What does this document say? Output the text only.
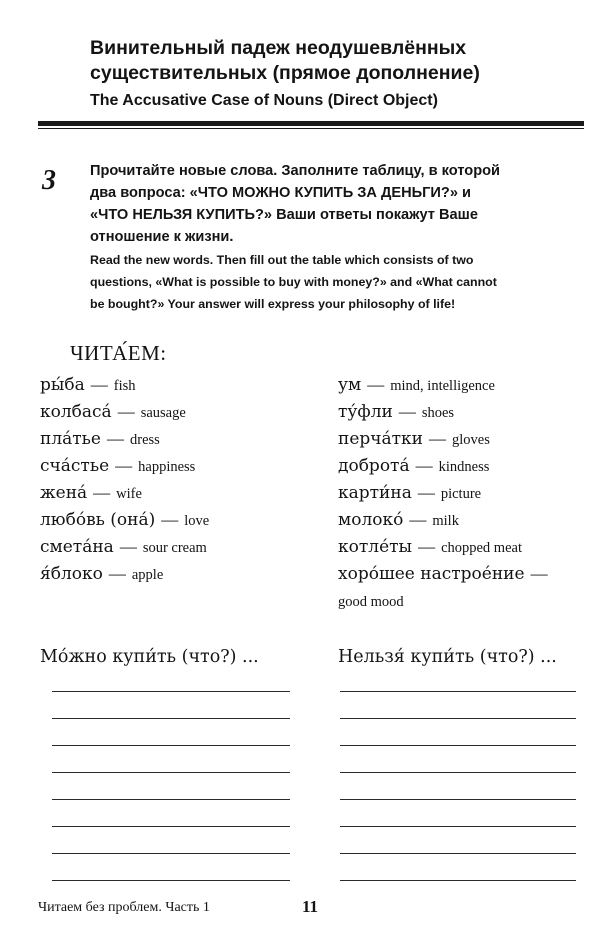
Винительный падеж неодушевлённых
существительных (прямое дополнение)
The Accusative Case of Nouns (Direct Object)
3 Прочитайте новые слова. Заполните таблицу, в которой
два вопроса: «ЧТО МОЖНО КУПИТЬ ЗА ДЕНЬГИ?» и
«ЧТО НЕЛЬЗЯ КУПИТЬ?» Ваши ответы покажут Ваше
отношение к жизни.
Read the new words. Then fill out the table which consists of two
questions, «What is possible to buy with money?» and «What cannot
be bought?» Your answer will express your philosophy of life!
ЧИТА́ЕМ:
ры́ба — fish
колбаса́ — sausage
пла́тье — dress
сча́стье — happiness
жена́ — wife
любо́вь (она́) — love
смета́на — sour cream
я́блоко — apple
ум — mind, intelligence
ту́фли — shoes
перча́тки — gloves
доброта́ — kindness
карти́на — picture
молоко́ — milk
котле́ты — chopped meat
хоро́шее настрое́ние —
good mood
Мо́жно купи́ть (что?) ...	Нельзя́ купи́ть (что?) ...
Читаем без проблем. Часть 1	11
